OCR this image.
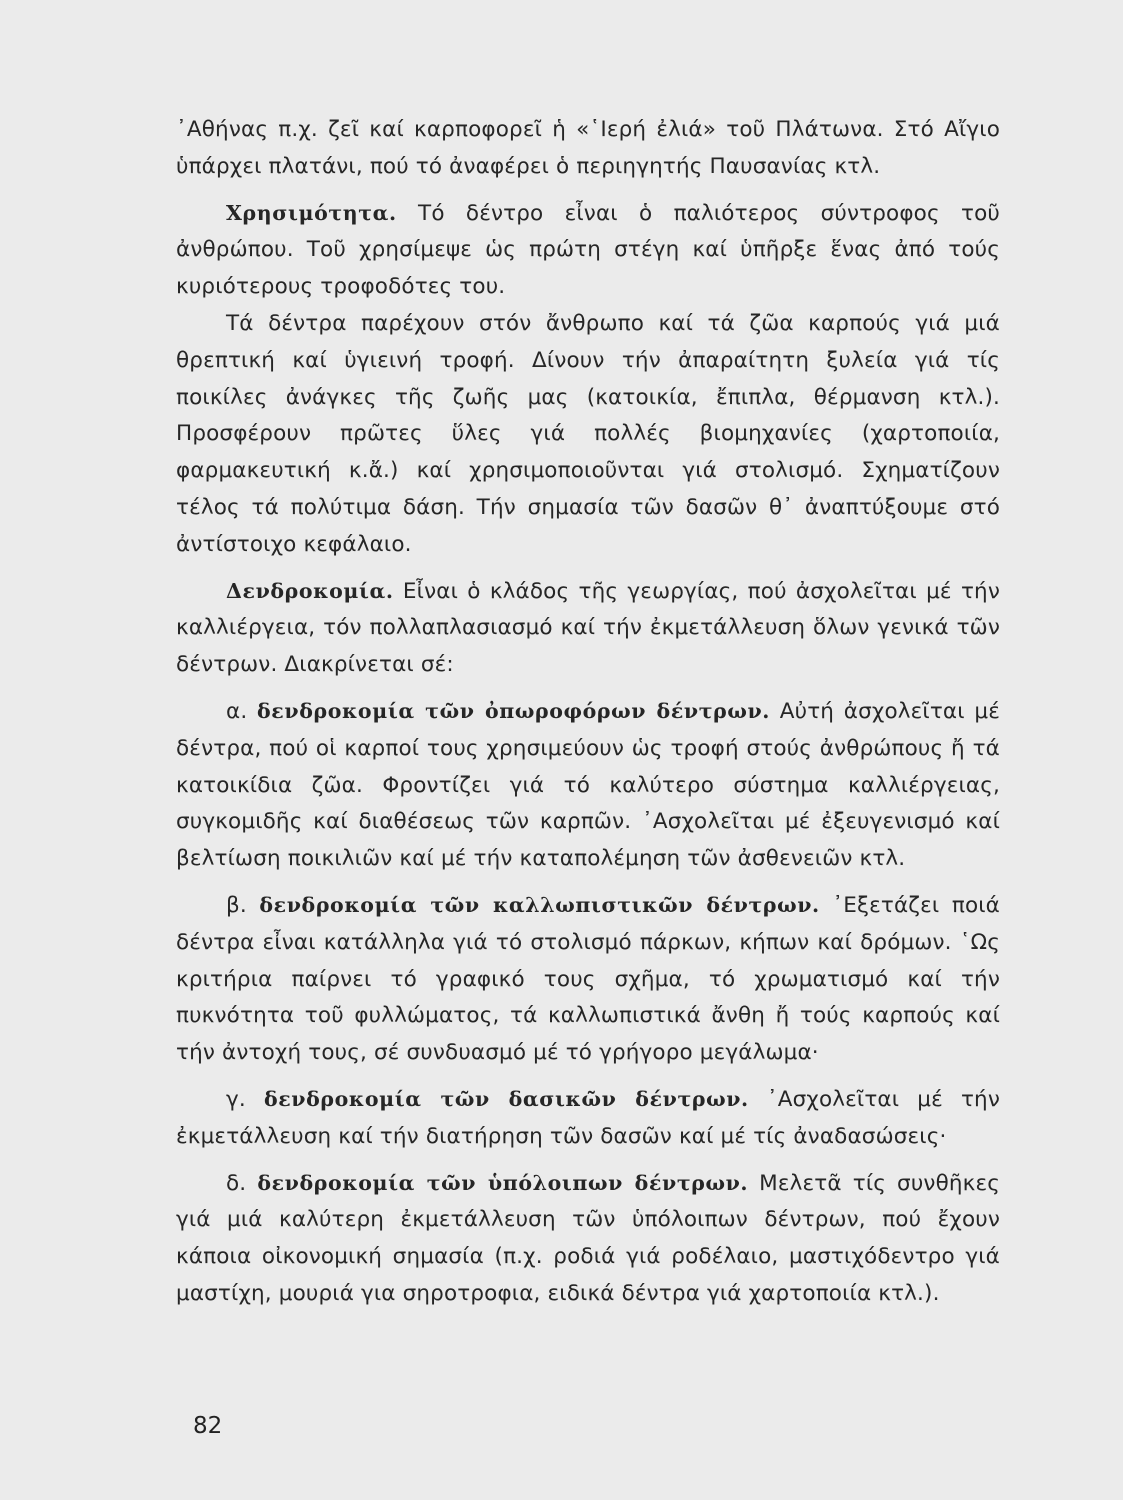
᾿Αθήνας π.χ. ζεῖ καί καρποφορεῖ ἡ «῾Ιερή ἐλιά» τοῦ Πλάτωνα. Στό Αἴγιο ὑπάρχει πλατάνι, πού τό ἀναφέρει ὁ περιηγητής Παυσανίας κτλ.

Χρησιμότητα. Τό δέντρο εἶναι ὁ παλιότερος σύντροφος τοῦ ἀνθρώπου. Τοῦ χρησίμεψε ὡς πρώτη στέγη καί ὑπῆρξε ἕνας ἀπό τούς κυριότερους τροφοδότες του.

Τά δέντρα παρέχουν στόν ἄνθρωπο καί τά ζῶα καρπούς γιά μιά θρεπτική καί ὑγιεινή τροφή. Δίνουν τήν ἀπαραίτητη ξυλεία γιά τίς ποικίλες ἀνάγκες τῆς ζωῆς μας (κατοικία, ἔπιπλα, θέρμανση κτλ.). Προσφέρουν πρῶτες ὕλες γιά πολλές βιομηχανίες (χαρτοποιία, φαρμακευτική κ.ἄ.) καί χρησιμοποιοῦνται γιά στολισμό. Σχηματίζουν τέλος τά πολύτιμα δάση. Τήν σημασία τῶν δασῶν θ᾿ ἀναπτύξουμε στό ἀντίστοιχο κεφάλαιο.

Δενδροκομία. Εἶναι ὁ κλάδος τῆς γεωργίας, πού ἀσχολεῖται μέ τήν καλλιέργεια, τόν πολλαπλασιασμό καί τήν ἐκμετάλλευση ὅλων γενικά τῶν δέντρων. Διακρίνεται σέ:

α. δενδροκομία τῶν ὀπωροφόρων δέντρων. Αὐτή ἀσχολεῖται μέ δέντρα, πού οἱ καρποί τους χρησιμεύουν ὡς τροφή στούς ἀνθρώπους ἤ τά κατοικίδια ζῶα. Φροντίζει γιά τό καλύτερο σύστημα καλλιέργειας, συγκομιδῆς καί διαθέσεως τῶν καρπῶν. ᾿Ασχολεῖται μέ ἐξευγενισμό καί βελτίωση ποικιλιῶν καί μέ τήν καταπολέμηση τῶν ἀσθενειῶν κτλ.

β. δενδροκομία τῶν καλλωπιστικῶν δέντρων. ᾿Εξετάζει ποιά δέντρα εἶναι κατάλληλα γιά τό στολισμό πάρκων, κήπων καί δρόμων. ῾Ως κριτήρια παίρνει τό γραφικό τους σχῆμα, τό χρωματισμό καί τήν πυκνότητα τοῦ φυλλώματος, τά καλλωπιστικά ἄνθη ἤ τούς καρπούς καί τήν ἀντοχή τους, σέ συνδυασμό μέ τό γρήγορο μεγάλωμα·

γ. δενδροκομία τῶν δασικῶν δέντρων. ᾿Ασχολεῖται μέ τήν ἐκμετάλλευση καί τήν διατήρηση τῶν δασῶν καί μέ τίς ἀναδασώσεις·

δ. δενδροκομία τῶν ὑπόλοιπων δέντρων. Μελετᾶ τίς συνθῆκες γιά μιά καλύτερη ἐκμετάλλευση τῶν ὑπόλοιπων δέντρων, πού ἔχουν κάποια οἰκονομική σημασία (π.χ. ροδιά γιά ροδέλαιο, μαστιχόδεντρο γιά μαστίχη, μουριά για σηροτροφια, ειδικά δέντρα γιά χαρτοποιία κτλ.).

82
